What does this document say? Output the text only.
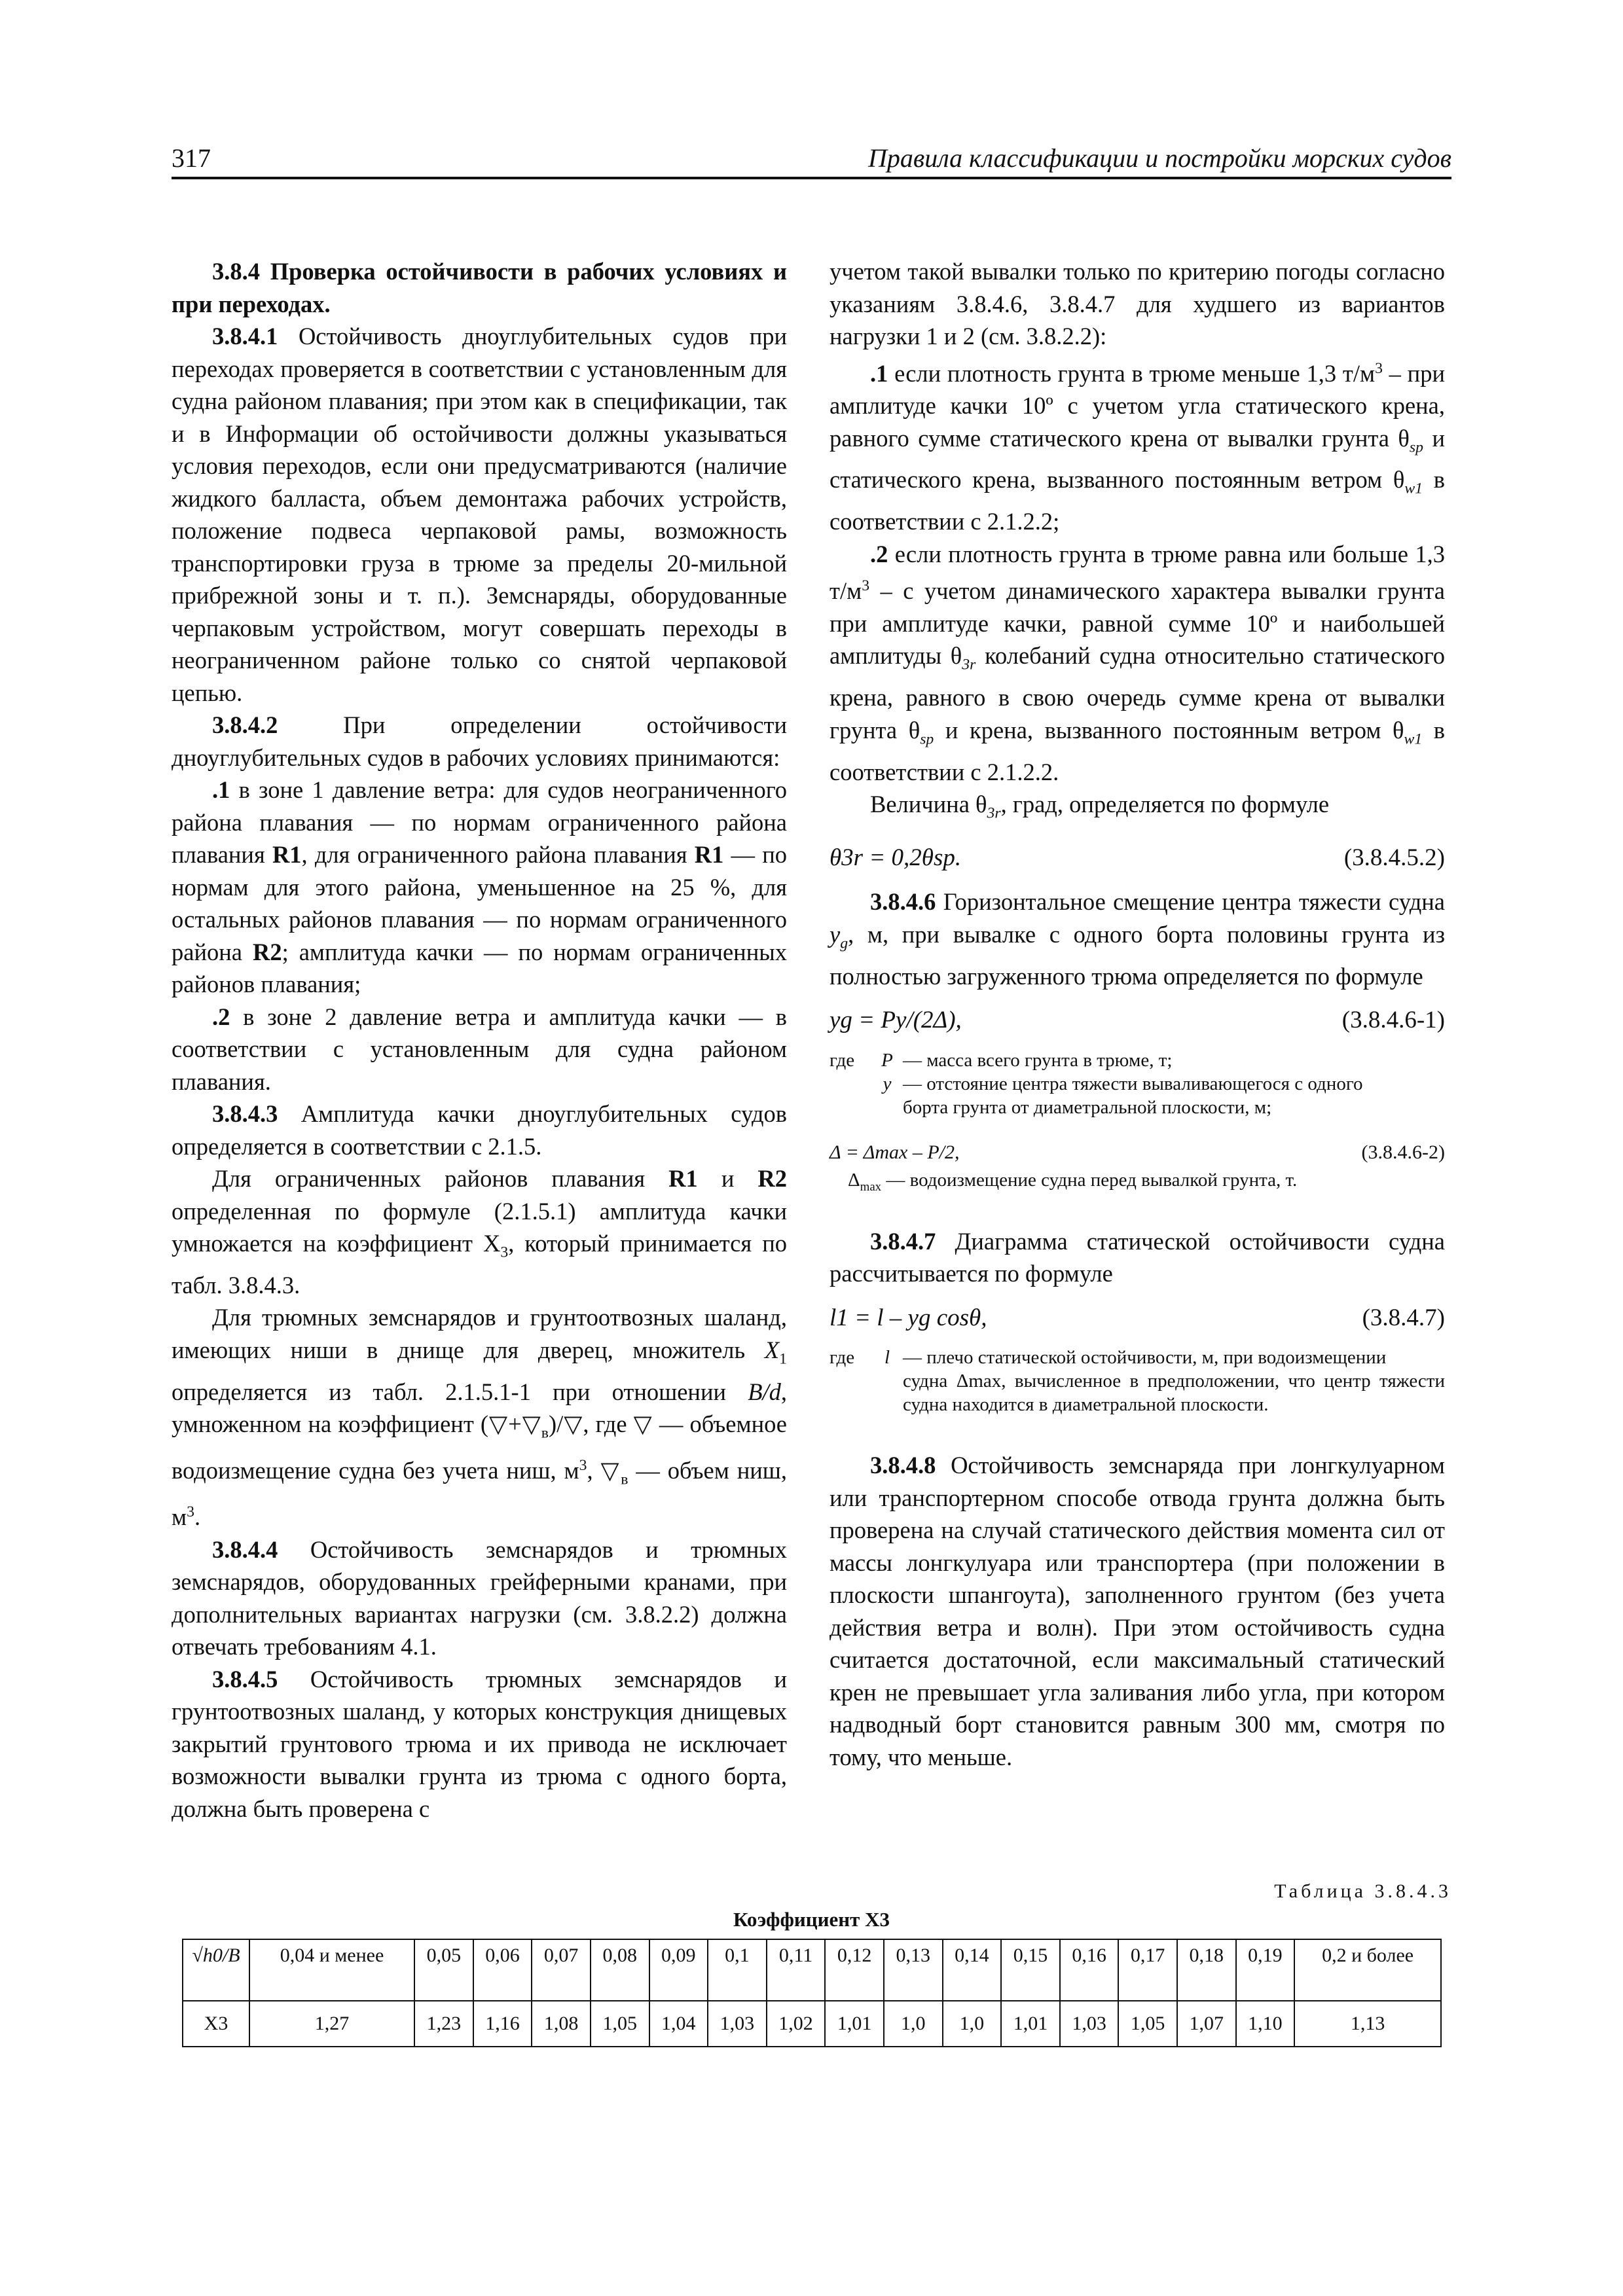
317	Правила классификации и постройки морских судов

3.8.4 Проверка остойчивости в рабочих условиях и при переходах.

3.8.4.1 Остойчивость дноуглубительных судов при переходах проверяется в соответствии с установленным для судна районом плавания; при этом как в спецификации, так и в Информации об остойчивости должны указываться условия переходов, если они предусматриваются (наличие жидкого балласта, объем демонтажа рабочих устройств, положение подвеса черпаковой рамы, возможность транспортировки груза в трюме за пределы 20-мильной прибрежной зоны и т. п.). Земснаряды, оборудованные черпаковым устройством, могут совершать переходы в неограниченном районе только со снятой черпаковой цепью.

3.8.4.2	При определении остойчивости дноуглубительных судов в рабочих условиях принимаются:

.1 в зоне 1 давление ветра: для судов неограниченного района плавания — по нормам ограниченного района плавания R1, для ограниченного района плавания R1 — по нормам для этого района, уменьшенное на 25 %, для остальных районов плавания — по нормам ограниченного района R2; амплитуда качки — по нормам ограниченных районов плавания;

.2 в зоне 2 давление ветра и амплитуда качки — в соответствии с установленным для судна районом плавания.

3.8.4.3 Амплитуда качки дноуглубительных судов определяется в соответствии с 2.1.5.

Для ограниченных районов плавания R1 и R2 определенная по формуле (2.1.5.1) амплитуда качки умножается на коэффициент $X_3$, который принимается по табл. 3.8.4.3.

Для трюмных земснарядов и грунтоотвозных шаланд, имеющих ниши в днище для дверец, множитель $X_1$ определяется из табл. 2.1.5.1-1 при отношении B/d, умноженном на коэффициент $(▽+▽_в)/▽$, где ▽ — объемное водоизмещение судна без учета ниш, $м^3$, $▽_в$ — объем ниш, $м^3$.

3.8.4.4 Остойчивость земснарядов и трюмных земснарядов, оборудованных грейферными кранами, при дополнительных вариантах нагрузки (см. 3.8.2.2) должна отвечать требованиям 4.1.

3.8.4.5 Остойчивость трюмных земснарядов и грунтоотвозных шаланд, у которых конструкция днищевых закрытий грунтового трюма и их привода не исключает возможности вывалки грунта из трюма с одного борта, должна быть проверена с

учетом такой вывалки только по критерию погоды согласно указаниям 3.8.4.6, 3.8.4.7 для худшего из вариантов нагрузки 1 и 2 (см. 3.8.2.2):

.1 если плотность грунта в трюме меньше 1,3 $т/м^3$ – при амплитуде качки 10º с учетом угла статического крена, равного сумме статического крена от вывалки грунта $\theta_{sp}$ и статического крена, вызванного постоянным ветром $\theta_{w1}$ в соответствии с 2.1.2.2;

.2 если плотность грунта в трюме равна или больше 1,3 $т/м^3$ – с учетом динамического характера вывалки грунта при амплитуде качки, равной сумме 10º и наибольшей амплитуды $\theta_{3r}$ колебаний судна относительно статического крена, равного в свою очередь сумме крена от вывалки грунта $\theta_{sp}$ и крена, вызванного постоянным ветром $\theta_{w1}$ в соответствии с 2.1.2.2.

Величина $\theta_{3r}$, град, определяется по формуле

θ3r = 0,2θsp.	(3.8.4.5.2)

3.8.4.6 Горизонтальное смещение центра тяжести судна $y_g$, м, при вывалке с одного борта половины грунта из полностью загруженного трюма определяется по формуле

yg = Py/(2Δ),	(3.8.4.6-1)
где	P — масса всего грунта в трюме, т;
y — отстояние центра тяжести вываливающегося с одного
борта грунта от диаметральной плоскости, м;
Δ = Δmax – P/2,	(3.8.4.6-2)
$\Delta_{max}$ — водоизмещение судна перед вывалкой грунта, т.

3.8.4.7 Диаграмма статической остойчивости судна рассчитывается по формуле

l1 = l – yg cosθ,	(3.8.4.7)
где	l — плечо статической остойчивости, м, при водоизмещении
судна Δmax, вычисленное в предположении, что центр тяжести судна находится в диаметральной плоскости.

3.8.4.8 Остойчивость земснаряда при лонгкулуарном или транспортерном способе отвода грунта должна быть проверена на случай статического действия момента сил от массы лонгкулуара или транспортера (при положении в плоскости шпангоута), заполненного грунтом (без учета действия ветра и волн). При этом остойчивость судна считается достаточной, если максимальный статический крен не превышает угла заливания либо угла, при котором надводный борт становится равным 300 мм, смотря по тому, что меньше.

Таблица 3.8.4.3
Коэффициент X3
√h0/B	0,04 и менее	0,05	0,06	0,07	0,08	0,09	0,1	0,11	0,12	0,13	0,14	0,15	0,16	0,17	0,18	0,19	0,2 и более
X3	1,27	1,23	1,16	1,08	1,05	1,04	1,03	1,02	1,01	1,0	1,0	1,01	1,03	1,05	1,07	1,10	1,13
